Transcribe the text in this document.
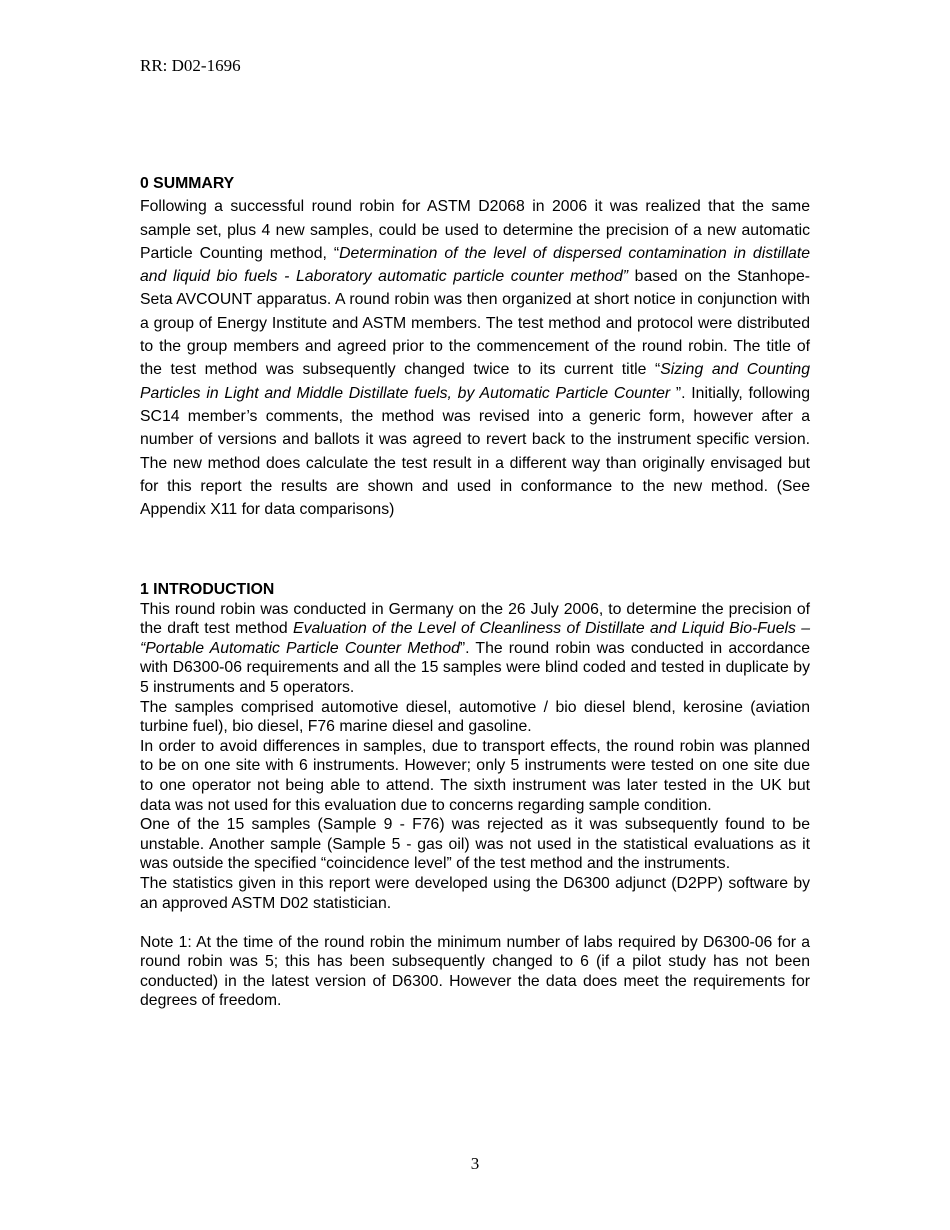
RR: D02-1696

0 SUMMARY

Following a successful round robin for ASTM D2068 in 2006 it was realized that the same sample set, plus 4 new samples, could be used to determine the precision of a new automatic Particle Counting method, “Determination of the level of dispersed contamination in distillate and liquid bio fuels - Laboratory automatic particle counter method” based on the Stanhope-Seta AVCOUNT apparatus. A round robin was then organized at short notice in conjunction with a group of Energy Institute and ASTM members. The test method and protocol were distributed to the group members and agreed prior to the commencement of the round robin. The title of the test method was subsequently changed twice to its current title “Sizing and Counting Particles in Light and Middle Distillate fuels, by Automatic Particle Counter ”. Initially, following SC14 member’s comments, the method was revised into a generic form, however after a number of versions and ballots it was agreed to revert back to the instrument specific version. The new method does calculate the test result in a different way than originally envisaged but for this report the results are shown and used in conformance to the new method. (See Appendix X11 for data comparisons)

1 INTRODUCTION

This round robin was conducted in Germany on the 26 July 2006, to determine the precision of the draft test method Evaluation of the Level of Cleanliness of Distillate and Liquid Bio-Fuels – “Portable Automatic Particle Counter Method”. The round robin was conducted in accordance with D6300-06 requirements and all the 15 samples were blind coded and tested in duplicate by 5 instruments and 5 operators.

The samples comprised automotive diesel, automotive / bio diesel blend, kerosine (aviation turbine fuel), bio diesel, F76 marine diesel and gasoline.

In order to avoid differences in samples, due to transport effects, the round robin was planned to be on one site with 6 instruments. However; only 5 instruments were tested on one site due to one operator not being able to attend. The sixth instrument was later tested in the UK but data was not used for this evaluation due to concerns regarding sample condition.

One of the 15 samples (Sample 9 - F76) was rejected as it was subsequently found to be unstable. Another sample (Sample 5 - gas oil) was not used in the statistical evaluations as it was outside the specified “coincidence level” of the test method and the instruments.

The statistics given in this report were developed using the D6300 adjunct (D2PP) software by an approved ASTM D02 statistician.

Note 1: At the time of the round robin the minimum number of labs required by D6300-06 for a round robin was 5; this has been subsequently changed to 6 (if a pilot study has not been conducted) in the latest version of D6300. However the data does meet the requirements for degrees of freedom.

3
